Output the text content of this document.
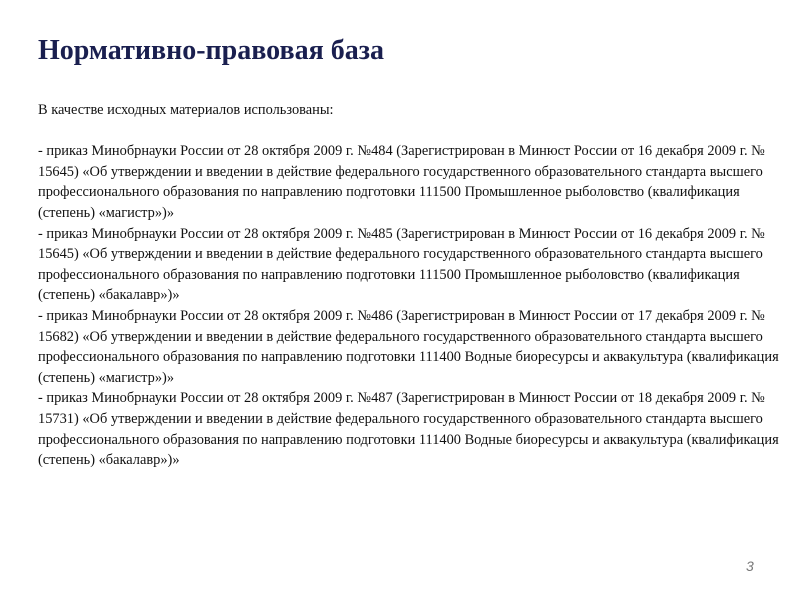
Нормативно-правовая база

В качестве исходных материалов использованы:

- приказ Минобрнауки России от 28 октября 2009 г. №484 (Зарегистрирован в Минюст России от 16 декабря 2009 г. № 15645) «Об утверждении и введении в действие федерального государственного образовательного стандарта высшего профессионального образования по направлению подготовки 111500 Промышленное рыболовство (квалификация (степень) «магистр»)»

- приказ Минобрнауки России от 28 октября 2009 г. №485 (Зарегистрирован в Минюст России от 16 декабря 2009 г. № 15645) «Об утверждении и введении в действие федерального государственного образовательного стандарта высшего профессионального образования по направлению подготовки 111500 Промышленное рыболовство (квалификация (степень) «бакалавр»)»

- приказ Минобрнауки России от 28 октября 2009 г. №486 (Зарегистрирован в Минюст России от 17 декабря 2009 г. № 15682) «Об утверждении и введении в действие федерального государственного образовательного стандарта высшего профессионального образования по направлению подготовки 111400 Водные биоресурсы и аквакультура (квалификация (степень) «магистр»)»

- приказ Минобрнауки России от 28 октября 2009 г. №487 (Зарегистрирован в Минюст России от 18 декабря 2009 г. № 15731) «Об утверждении и введении в действие федерального государственного образовательного стандарта высшего профессионального образования по направлению подготовки 111400 Водные биоресурсы и аквакультура (квалификация (степень) «бакалавр»)»

3
